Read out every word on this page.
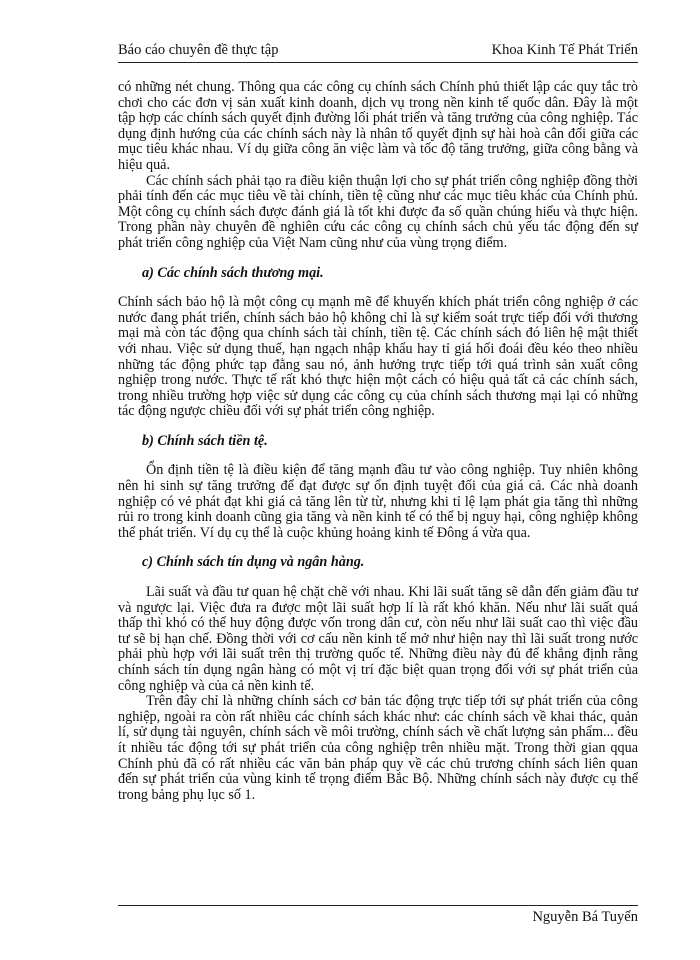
Báo cáo chuyên đề thực tập	Khoa Kinh Tế Phát Triển

có những nét chung. Thông qua các công cụ chính sách Chính phủ thiết lập các quy tắc trò chơi cho các đơn vị sản xuất kinh doanh, dịch vụ trong nền kinh tế quốc dân. Đây là một tập hợp các chính sách quyết định đường lối phát triển và tăng trưởng của công nghiệp. Tác dụng định hướng của các chính sách này là nhân tố quyết định sự hài hoà cân đối giữa các mục tiêu khác nhau. Ví dụ giữa công ăn việc làm và tốc độ tăng trưởng, giữa công bằng và hiệu quả.

Các chính sách phải tạo ra điều kiện thuận lợi cho sự phát triển công nghiệp đồng thời phải tính đến các mục tiêu về tài chính, tiền tệ cũng như các mục tiêu khác của Chính phủ. Một công cụ chính sách được đánh giá là tốt khi được đa số quần chúng hiểu và thực hiện. Trong phần này chuyên đề nghiên cứu các công cụ chính sách chủ yếu tác động đến sự phát triển công nghiệp của Việt Nam cũng như của vùng trọng điểm.

a) Các chính sách thương mại.

Chính sách bảo hộ là một công cụ mạnh mẽ để khuyến khích phát triển công nghiệp ở các nước đang phát triển, chính sách bảo hộ không chỉ là sự kiểm soát trực tiếp đối với thương mại mà còn tác động qua chính sách tài chính, tiền tệ. Các chính sách đó liên hệ mật thiết với nhau. Việc sử dụng thuế, hạn ngạch nhập khẩu hay tỉ giá hối đoái đều kéo theo nhiều những tác động phức tạp đằng sau nó, ảnh hưởng trực tiếp tới quá trình sản xuất công nghiệp trong nước. Thực tế rất khó thực hiện một cách có hiệu quả tất cả các chính sách, trong nhiều trường hợp việc sử dụng các công cụ của chính sách thương mại lại có những tác động ngược chiều đối với sự phát triển công nghiệp.

b) Chính sách tiền tệ.

Ổn định tiền tệ là điều kiện để tăng mạnh đầu tư vào công nghiệp. Tuy nhiên không nên hi sinh sự tăng trưởng để đạt được sự ổn định tuyệt đối của giá cả. Các nhà doanh nghiệp có vẻ phát đạt khi giá cả tăng lên từ từ, nhưng khi tỉ lệ lạm phát gia tăng thì những rủi ro trong kinh doanh cũng gia tăng và nền kinh tế có thể bị nguy hại, công nghiệp không thể phát triển. Ví dụ cụ thể là cuộc khủng hoảng kinh tế Đông á vừa qua.

c) Chính sách tín dụng và ngân hàng.

Lãi suất và đầu tư quan hệ chặt chẽ với nhau. Khi lãi suất tăng sẽ dẫn đến giảm đầu tư và ngược lại. Việc đưa ra được một lãi suất hợp lí là rất khó khăn. Nếu như lãi suất quá thấp thì khó có thể huy động được vốn trong dân cư, còn nếu như lãi suất cao thì việc đầu tư sẽ bị hạn chế. Đồng thời với cơ cấu nền kinh tế mở như hiện nay thì lãi suất trong nước phải phù hợp với lãi suất trên thị trường quốc tế. Những điều này đủ để khẳng định rằng chính sách tín dụng ngân hàng có một vị trí đặc biệt quan trọng đối với sự phát triển của công nghiệp và của cả nền kinh tế.

Trên đây chỉ là những chính sách cơ bản tác động trực tiếp tới sự phát triển của công nghiệp, ngoài ra còn rất nhiều các chính sách khác như: các chính sách về khai thác, quản lí, sử dụng tài nguyên, chính sách về môi trường, chính sách về chất lượng sản phẩm... đều ít nhiều tác động tới sự phát triển của công nghiệp trên nhiều mặt. Trong thời gian qqua Chính phủ đã có rất nhiều các văn bản pháp quy về các chủ trương chính sách liên quan đến sự phát triển của vùng kinh tế trọng điểm Bắc Bộ. Những chính sách này được cụ thể trong bảng phụ lục số 1.

Nguyễn Bá Tuyến
